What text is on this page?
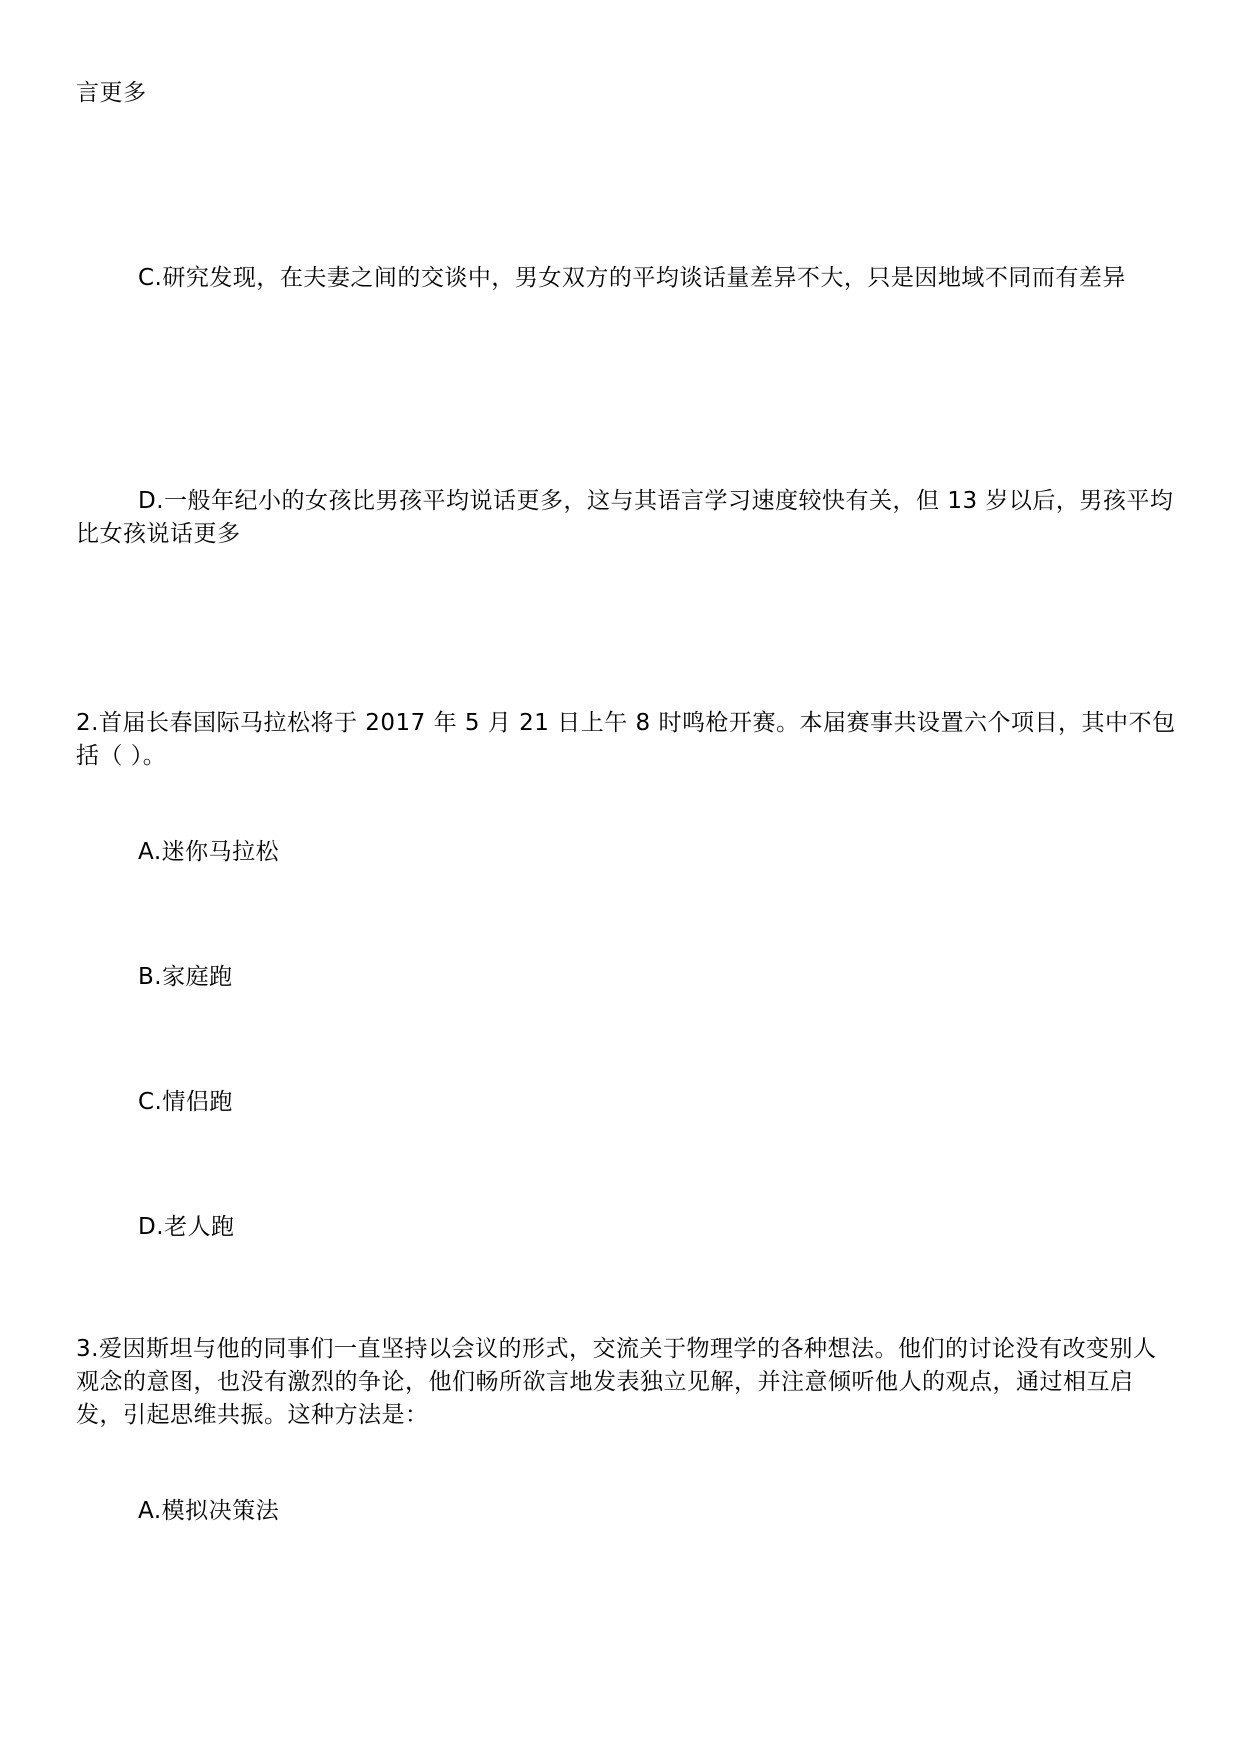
言更多
C.研究发现，在夫妻之间的交谈中，男女双方的平均谈话量差异不大，只是因地域不同而有差异
D.一般年纪小的女孩比男孩平均说话更多，这与其语言学习速度较快有关，但 13 岁以后，男孩平均比女孩说话更多
2.首届长春国际马拉松将于 2017 年 5 月 21 日上午 8 时鸣枪开赛。本届赛事共设置六个项目，其中不包括（ ）。
A.迷你马拉松
B.家庭跑
C.情侣跑
D.老人跑
3.爱因斯坦与他的同事们一直坚持以会议的形式，交流关于物理学的各种想法。他们的讨论没有改变别人观念的意图，也没有激烈的争论，他们畅所欲言地发表独立见解，并注意倾听他人的观点，通过相互启发，引起思维共振。这种方法是：
A.模拟决策法
